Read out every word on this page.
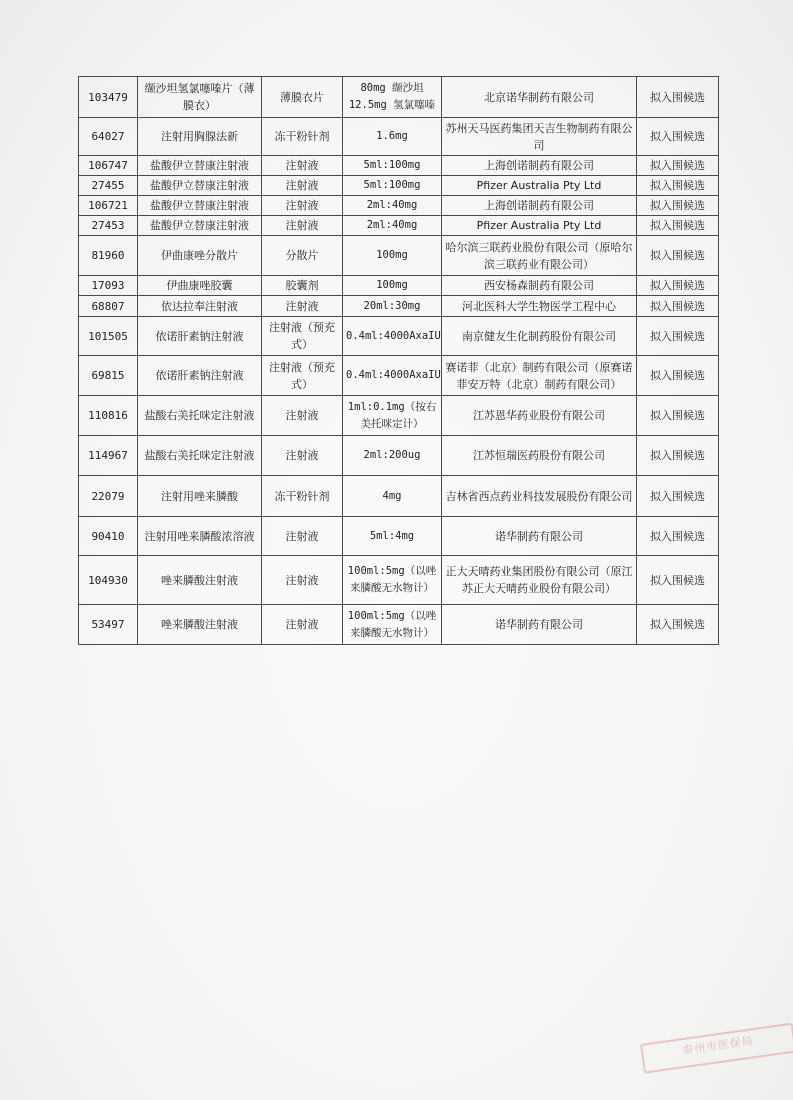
103479	缬沙坦氢氯噻嗪片（薄膜衣）	薄膜衣片	80mg 缬沙坦 12.5mg 氢氯噻嗪	北京诺华制药有限公司	拟入围候选
64027	注射用胸腺法新	冻干粉针剂	1.6mg	苏州天马医药集团天吉生物制药有限公司	拟入围候选
106747	盐酸伊立替康注射液	注射液	5ml:100mg	上海创诺制药有限公司	拟入围候选
27455	盐酸伊立替康注射液	注射液	5ml:100mg	Pfizer Australia Pty Ltd	拟入围候选
106721	盐酸伊立替康注射液	注射液	2ml:40mg	上海创诺制药有限公司	拟入围候选
27453	盐酸伊立替康注射液	注射液	2ml:40mg	Pfizer Australia Pty Ltd	拟入围候选
81960	伊曲康唑分散片	分散片	100mg	哈尔滨三联药业股份有限公司（原哈尔滨三联药业有限公司）	拟入围候选
17093	伊曲康唑胶囊	胶囊剂	100mg	西安杨森制药有限公司	拟入围候选
68807	依达拉奉注射液	注射液	20ml:30mg	河北医科大学生物医学工程中心	拟入围候选
101505	依诺肝素钠注射液	注射液（预充式）	0.4ml:4000AxaIU	南京健友生化制药股份有限公司	拟入围候选
69815	依诺肝素钠注射液	注射液（预充式）	0.4ml:4000AxaIU	赛诺菲（北京）制药有限公司（原赛诺菲安万特（北京）制药有限公司）	拟入围候选
110816	盐酸右美托咪定注射液	注射液	1ml:0.1mg（按右美托咪定计）	江苏恩华药业股份有限公司	拟入围候选
114967	盐酸右美托咪定注射液	注射液	2ml:200ug	江苏恒瑞医药股份有限公司	拟入围候选
22079	注射用唑来膦酸	冻干粉针剂	4mg	吉林省西点药业科技发展股份有限公司	拟入围候选
90410	注射用唑来膦酸浓溶液	注射液	5ml:4mg	诺华制药有限公司	拟入围候选
104930	唑来膦酸注射液	注射液	100ml:5mg（以唑来膦酸无水物计）	正大天晴药业集团股份有限公司（原江苏正大天晴药业股份有限公司）	拟入围候选
53497	唑来膦酸注射液	注射液	100ml:5mg（以唑来膦酸无水物计）	诺华制药有限公司	拟入围候选
泰州市医保局
